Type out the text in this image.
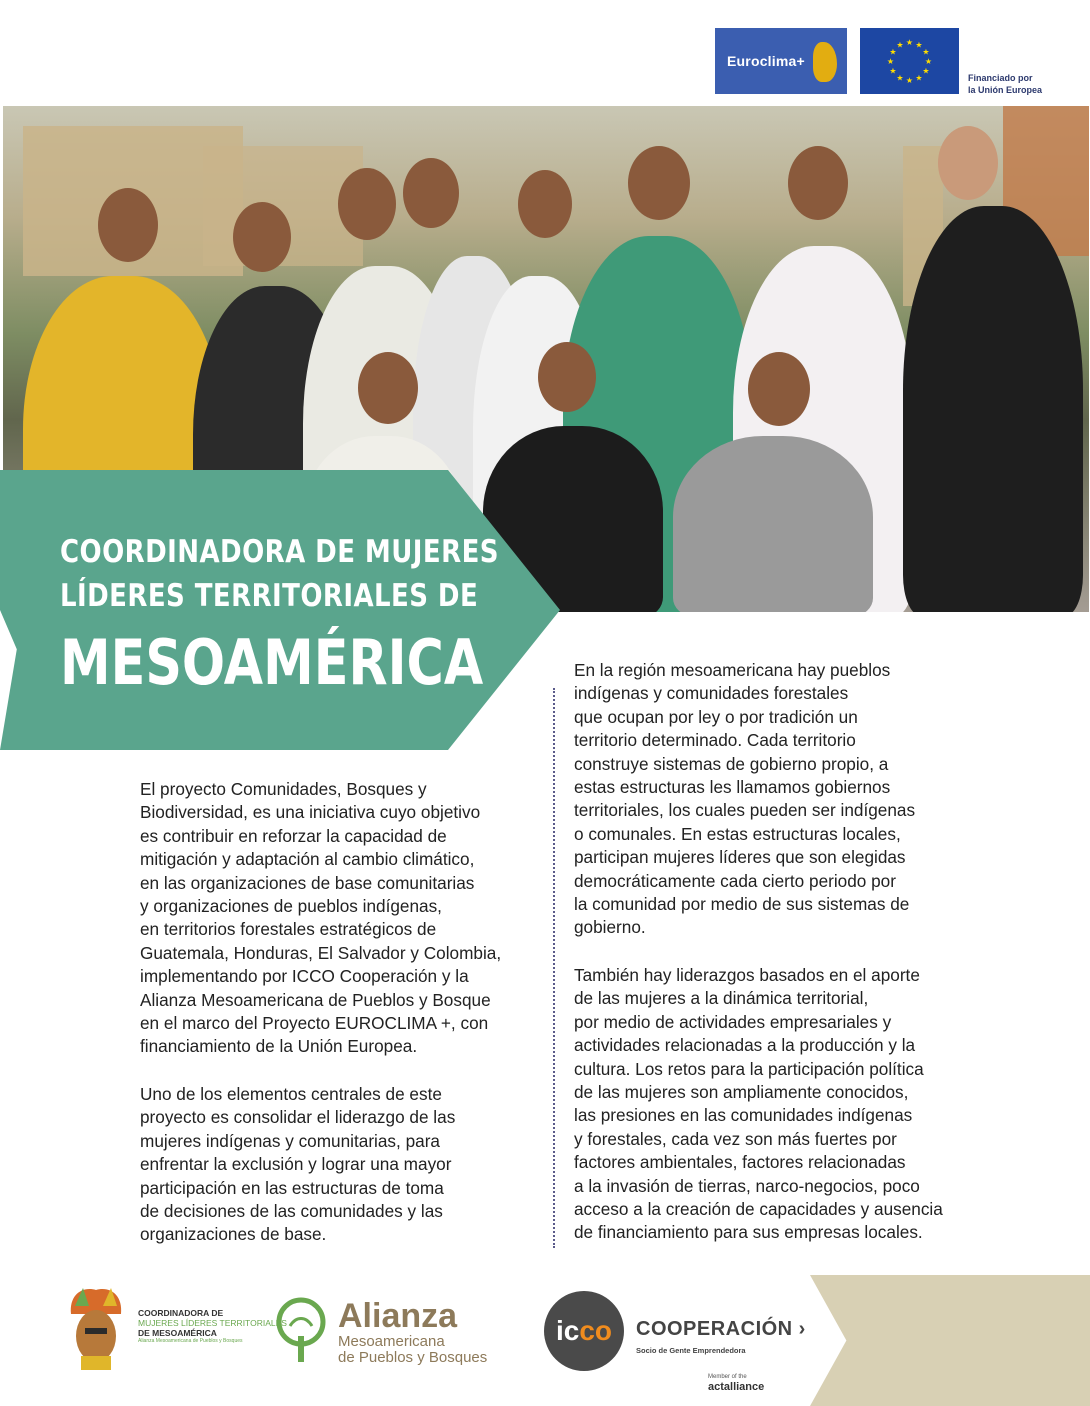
Euroclima+
★ ★
★
★
★
★
★
★
★
★
★
★
Financiado por
la Unión Europea
COORDINADORA DE MUJERES
LÍDERES TERRITORIALES DE
MESOAMÉRICA
El proyecto Comunidades, Bosques y
Biodiversidad, es una iniciativa cuyo objetivo
es contribuir en reforzar la capacidad de
mitigación y adaptación al cambio climático,
en las organizaciones de base comunitarias
y organizaciones de pueblos indígenas,
en territorios forestales estratégicos de
Guatemala, Honduras, El Salvador y Colombia,
implementando por ICCO Cooperación y la
Alianza Mesoamericana de Pueblos y Bosque
en el marco del Proyecto EUROCLIMA +, con
financiamiento de la Unión Europea.
Uno de los elementos centrales de este
proyecto es consolidar el liderazgo de las
mujeres indígenas y comunitarias, para
enfrentar la exclusión y lograr una mayor
participación en las estructuras de toma
de decisiones de las comunidades y las
organizaciones de base.
En la región mesoamericana hay pueblos
indígenas y comunidades forestales
que ocupan por ley o por tradición un
territorio determinado. Cada territorio
construye sistemas de gobierno propio, a
estas estructuras les llamamos gobiernos
territoriales, los cuales pueden ser indígenas
o comunales. En estas estructuras locales,
participan mujeres líderes que son elegidas
democráticamente cada cierto periodo por
la comunidad por medio de sus sistemas de
gobierno.
También hay liderazgos basados en el aporte
de las mujeres a la dinámica territorial,
por medio de actividades empresariales y
actividades relacionadas a la producción y la
cultura. Los retos para la participación política
de las mujeres son ampliamente conocidos,
las presiones en las comunidades indígenas
y forestales, cada vez son más fuertes por
factores ambientales, factores relacionadas
a la invasión de tierras, narco-negocios, poco
acceso a la creación de capacidades y ausencia
de financiamiento para sus empresas locales.
COORDINADORA DE
MUJERES LÍDERES TERRITORIALES
DE MESOAMÉRICA
Alianza Mesoamericana de Pueblos y Bosques
Alianza
Mesoamericana
de Pueblos y Bosques
ic co COOPERACIÓN ›
Socio de Gente Emprendedora
Member of the
actalliance
